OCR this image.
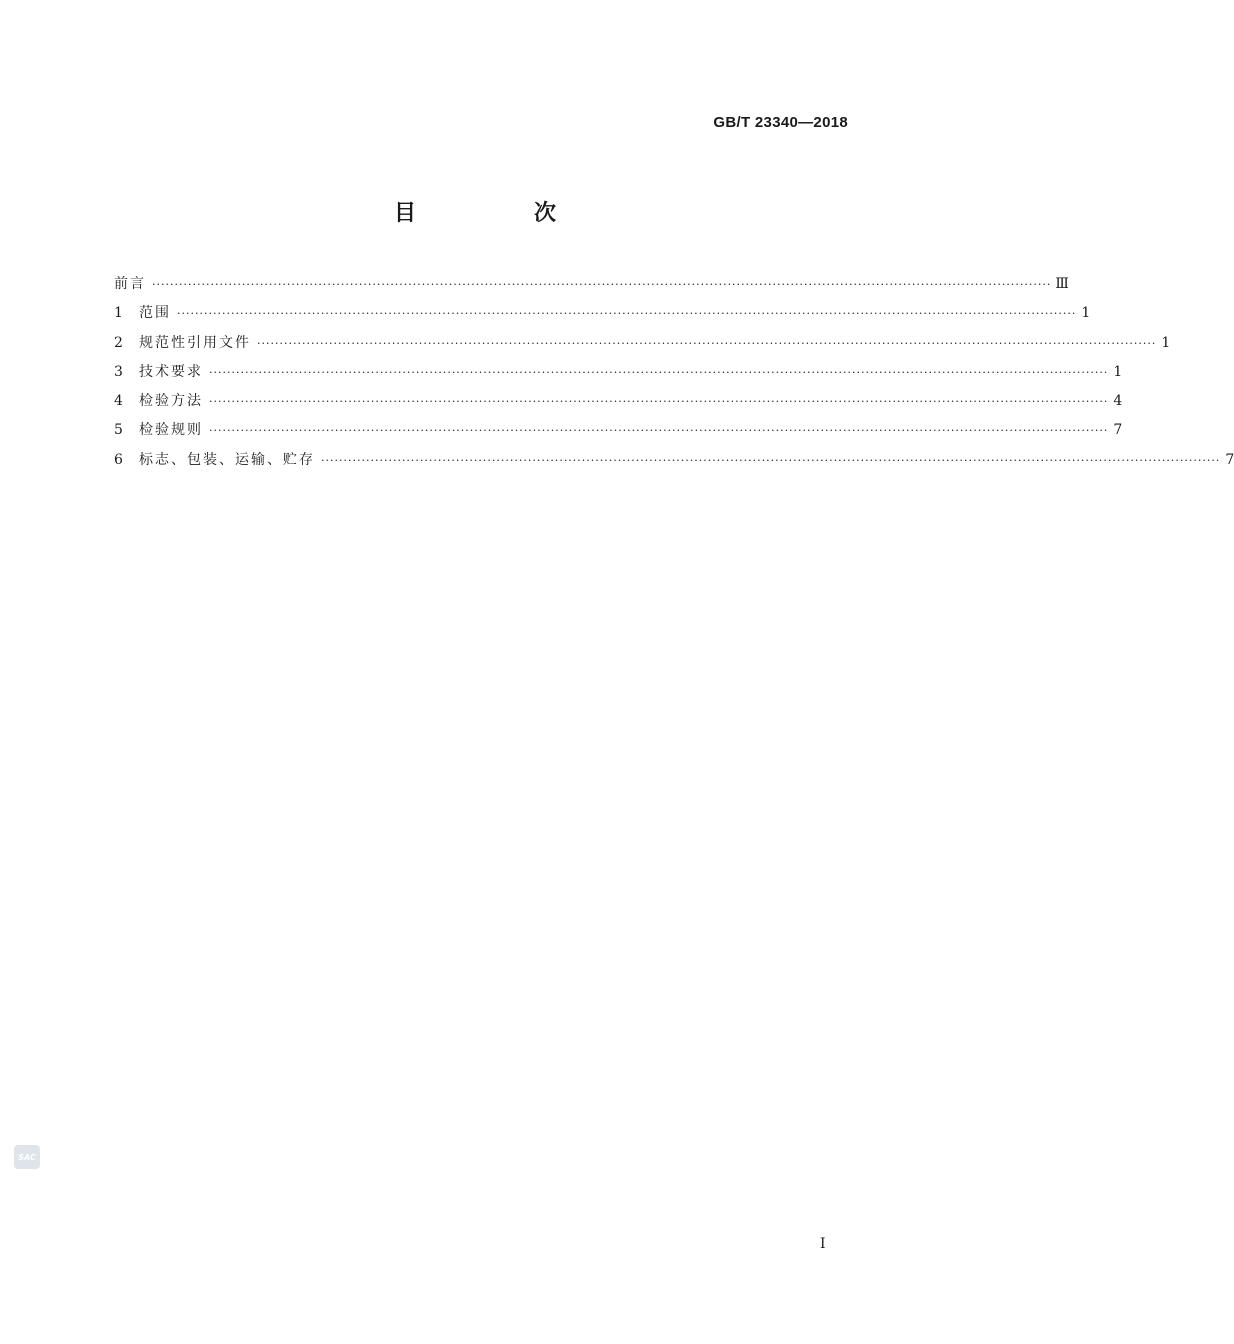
GB/T 23340—2018
目　次
前言 ········································································································································································································ Ⅲ
1	范围 ········································································································································································································ 1
2	规范性引用文件 ········································································································································································································ 1
3	技术要求 ········································································································································································································ 1
4	检验方法 ········································································································································································································ 4
5	检验规则 ········································································································································································································ 7
6	标志、包装、运输、贮存 ········································································································································································································ 7
SAC
I
